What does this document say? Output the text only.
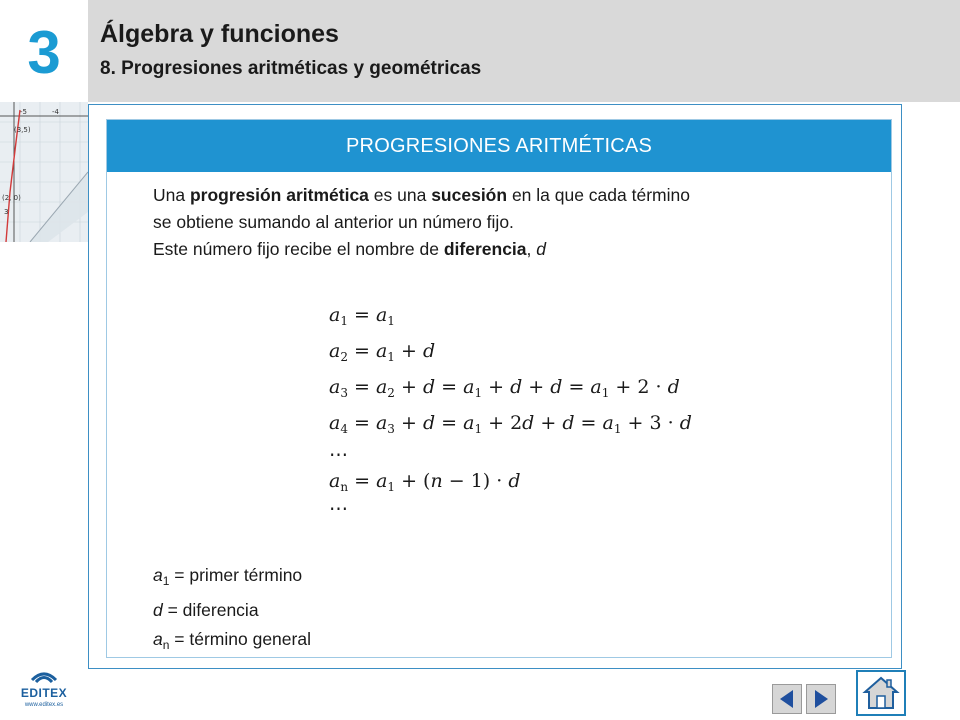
3	Álgebra y funciones
8. Progresiones aritméticas y geométricas
-5	-4
(3,5)
(2, 0)
3
PROGRESIONES ARITMÉTICAS
Una progresión aritmética es una sucesión en la que cada término
se obtiene sumando al anterior un número fijo.
Este número fijo recibe el nombre de diferencia, d
$a_1 = a_1$
$a_2 = a_1 + d$
$a_3 = a_2 + d = a_1 + d + d = a_1 + 2 \cdot d$
$a_4 = a_3 + d = a_1 + 2d + d = a_1 + 3 \cdot d$
⋯
$a_n = a_1 + (n - 1) \cdot d$
⋯
$a_1$ = primer término
d = diferencia
$a_n$ = término general
EDITEX
www.editex.es
